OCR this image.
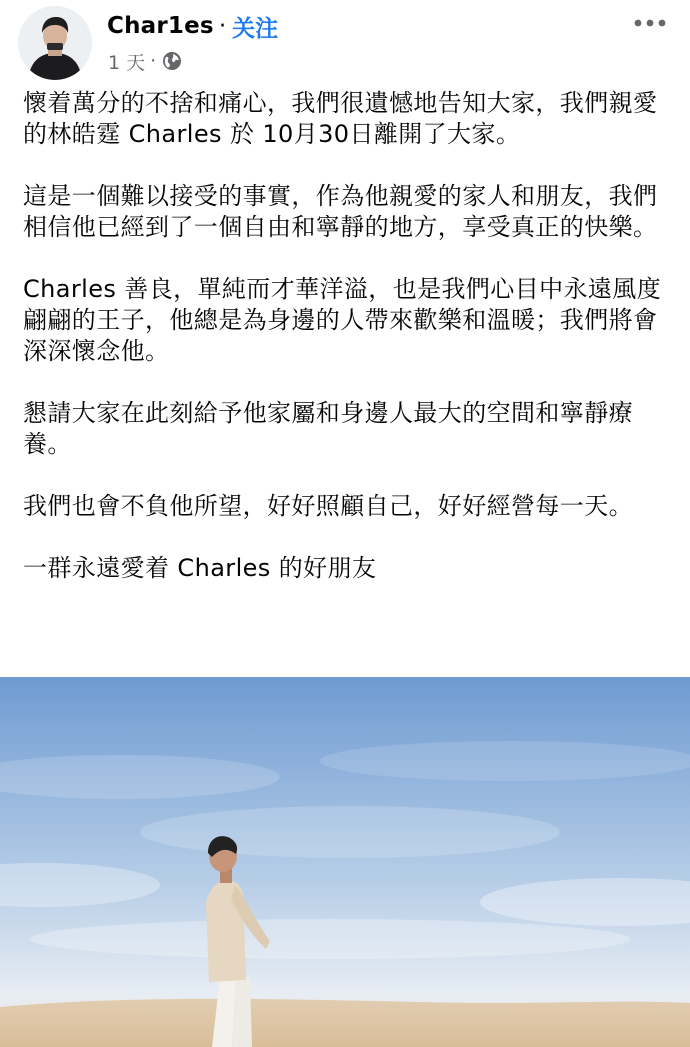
Char1es · 关注
1 天 ·

懷着萬分的不捨和痛心，我們很遺憾地告知大家，我們親愛的林皓霆 Charles 於 10月30日離開了大家。

這是一個難以接受的事實，作為他親愛的家人和朋友，我們相信他已經到了一個自由和寧靜的地方，享受真正的快樂。

Charles 善良，單純而才華洋溢，也是我們心目中永遠風度翩翩的王子，他總是為身邊的人帶來歡樂和溫暖；我們將會深深懷念他。

懇請大家在此刻給予他家屬和身邊人最大的空間和寧靜療養。

我們也會不負他所望，好好照顧自己，好好經營每一天。

一群永遠愛着 Charles 的好朋友
